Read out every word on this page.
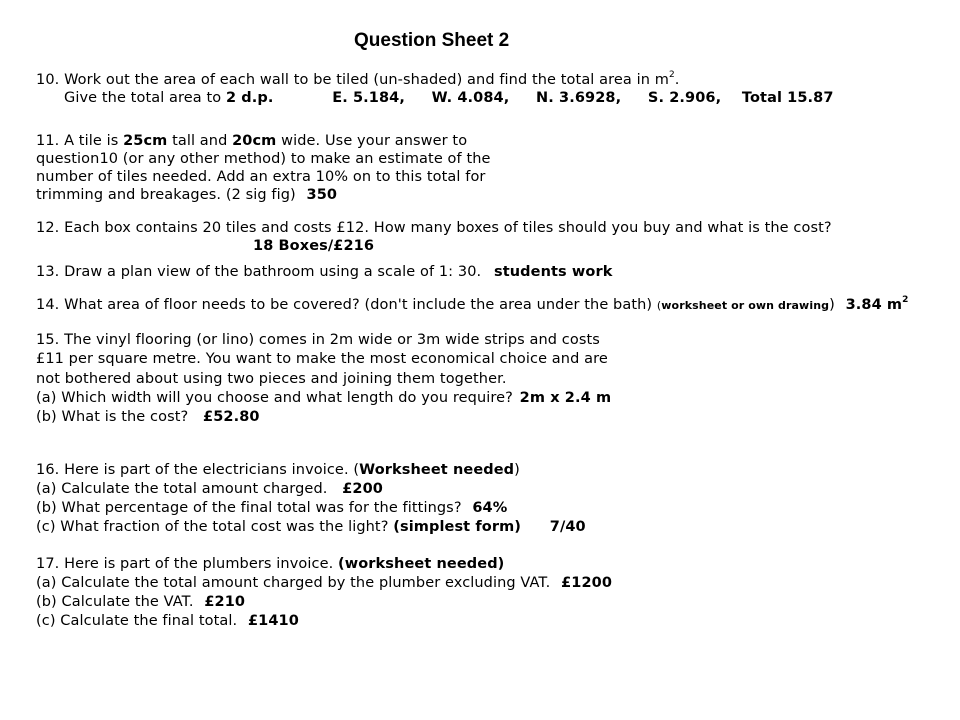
Question Sheet 2
10. Work out the area of each wall to be tiled (un-shaded) and find the total area in $m^2$.
Give the total area to 2 d.p.	E. 5.184, W. 4.084, N. 3.6928, S. 2.906, Total 15.87
11. A tile is 25cm tall and 20cm wide. Use your answer to
question10 (or any other method) to make an estimate of the
number of tiles needed. Add an extra 10% on to this total for
trimming and breakages. (2 sig fig) 350
12. Each box contains 20 tiles and costs £12. How many boxes of tiles should you buy and what is the cost?
18 Boxes/£216
13. Draw a plan view of the bathroom using a scale of 1: 30. students work
14. What area of floor needs to be covered? (don't include the area under the bath) (worksheet or own drawing) 3.84 $m^2$
15. The vinyl flooring (or lino) comes in 2m wide or 3m wide strips and costs
£11 per square metre. You want to make the most economical choice and are
not bothered about using two pieces and joining them together.
(a) Which width will you choose and what length do you require? 2m x 2.4 m
(b) What is the cost? £52.80
16. Here is part of the electricians invoice. (Worksheet needed)
(a) Calculate the total amount charged. £200
(b) What percentage of the final total was for the fittings? 64%
(c) What fraction of the total cost was the light? (simplest form) 7/40
17. Here is part of the plumbers invoice. (worksheet needed)
(a) Calculate the total amount charged by the plumber excluding VAT. £1200
(b) Calculate the VAT. £210
(c) Calculate the final total. £1410
